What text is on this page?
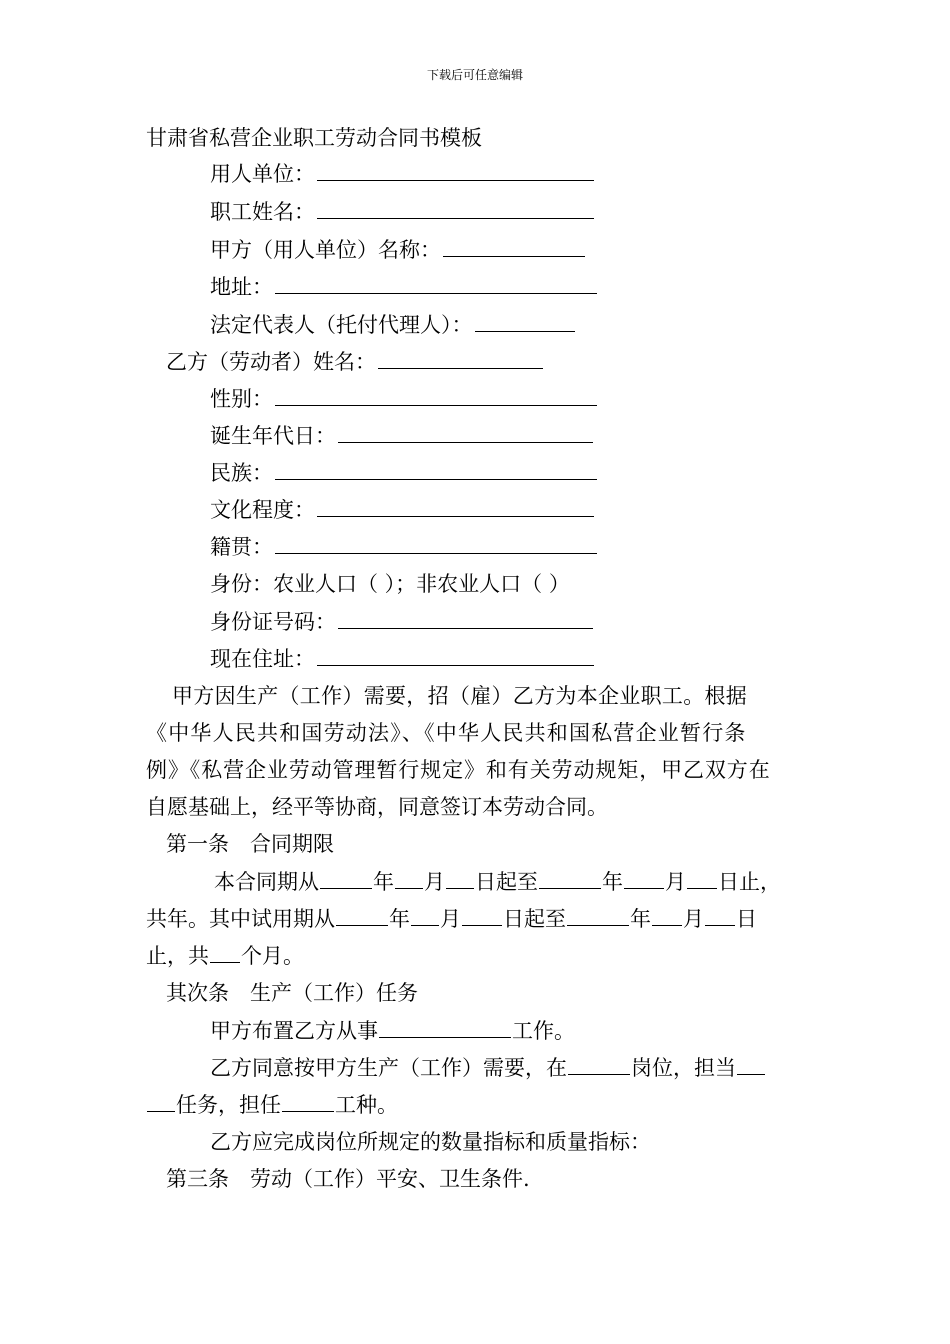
下载后可任意编辑
甘肃省私营企业职工劳动合同书模板
用人单位：
职工姓名：
甲方（用人单位）名称：
地址：
法定代表人（托付代理人）：
乙方（劳动者）姓名：
性别：
诞生年代日：
民族：
文化程度：
籍贯：
身份：农业人口（ ）；非农业人口（ ）
身份证号码：
现在住址：
甲方因生产（工作）需要，招（雇）乙方为本企业职工。根据
《中华人民共和国劳动法》、《中华人民共和国私营企业暂行条
例》《私营企业劳动管理暂行规定》和有关劳动规矩，甲乙双方在
自愿基础上，经平等协商，同意签订本劳动合同。
第一条　合同期限
本合同期从	年 月 日起至	年 月 日止，
共年。其中试用期从	年 月 日起至	年 月 日
止，共 个月。
其次条　生产（工作）任务
甲方布置乙方从事	工作。
乙方同意按甲方生产（工作）需要，在	岗位，担当
任务，担任	工种。
乙方应完成岗位所规定的数量指标和质量指标：
第三条　劳动（工作）平安、卫生条件.
